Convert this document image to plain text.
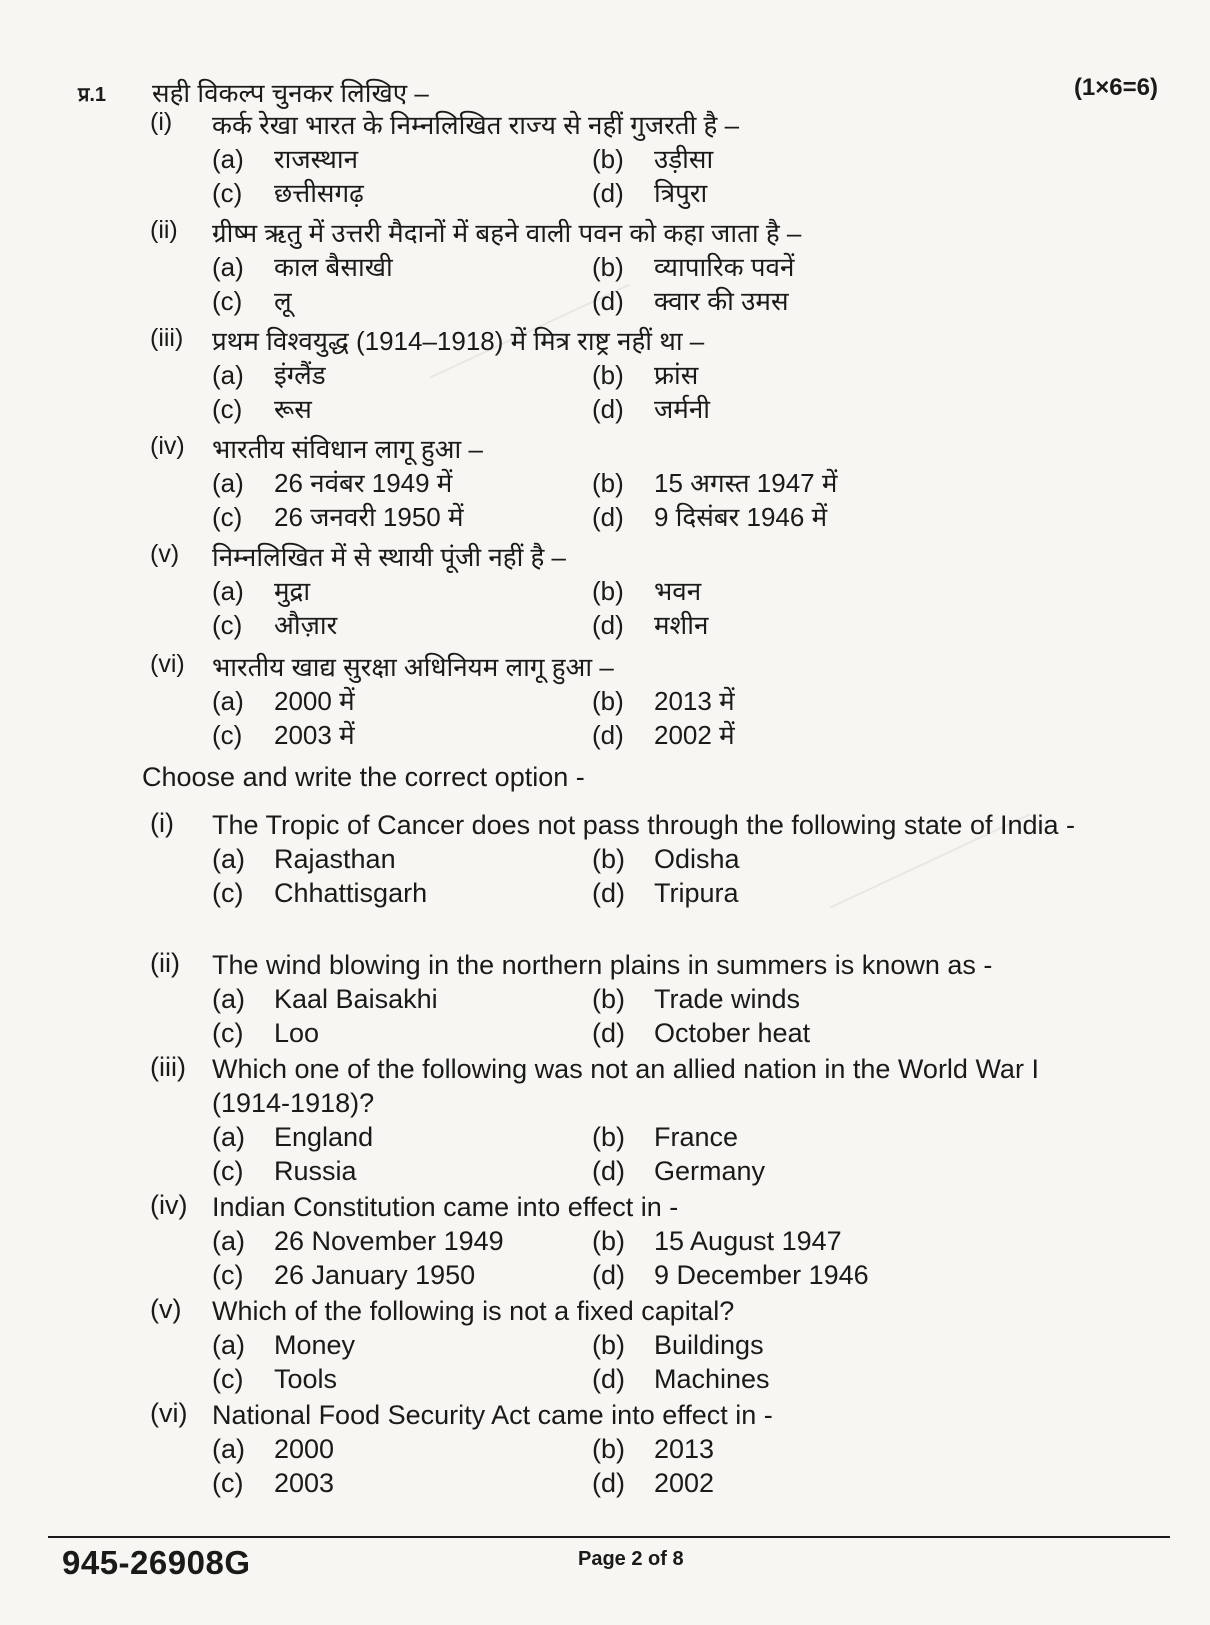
प्र.1 सही विकल्प चुनकर लिखिए –	(1×6=6)
(i) कर्क रेखा भारत के निम्नलिखित राज्य से नहीं गुजरती है –
(a)	राजस्थान	(b)	उड़ीसा
(c)	छत्तीसगढ़	(d)	त्रिपुरा
(ii) ग्रीष्म ऋतु में उत्तरी मैदानों में बहने वाली पवन को कहा जाता है –
(a)	काल बैसाखी	(b)	व्यापारिक पवनें
(c)	लू	(d)	क्वार की उमस
(iii) प्रथम विश्वयुद्ध (1914–1918) में मित्र राष्ट्र नहीं था –
(a)	इंग्लैंड	(b)	फ्रांस
(c)	रूस	(d)	जर्मनी
(iv) भारतीय संविधान लागू हुआ –
(a)	26 नवंबर 1949 में	(b)	15 अगस्त 1947 में
(c)	26 जनवरी 1950 में	(d)	9 दिसंबर 1946 में
(v) निम्नलिखित में से स्थायी पूंजी नहीं है –
(a)	मुद्रा	(b)	भवन
(c)	औज़ार	(d)	मशीन
(vi) भारतीय खाद्य सुरक्षा अधिनियम लागू हुआ –
(a)	2000 में	(b)	2013 में
(c)	2003 में	(d)	2002 में
Choose and write the correct option -
(i) The Tropic of Cancer does not pass through the following state of India -
(a)	Rajasthan	(b)	Odisha
(c)	Chhattisgarh	(d)	Tripura
(ii) The wind blowing in the northern plains in summers is known as -
(a)	Kaal Baisakhi	(b)	Trade winds
(c)	Loo	(d)	October heat
(iii) Which one of the following was not an allied nation in the World War I (1914-1918)?
(a)	England	(b)	France
(c)	Russia	(d)	Germany
(iv) Indian Constitution came into effect in -
(a)	26 November 1949	(b)	15 August 1947
(c)	26 January 1950	(d)	9 December 1946
(v) Which of the following is not a fixed capital?
(a)	Money	(b)	Buildings
(c)	Tools	(d)	Machines
(vi) National Food Security Act came into effect in -
(a)	2000	(b)	2013
(c)	2003	(d)	2002
945-26908G	Page 2 of 8
